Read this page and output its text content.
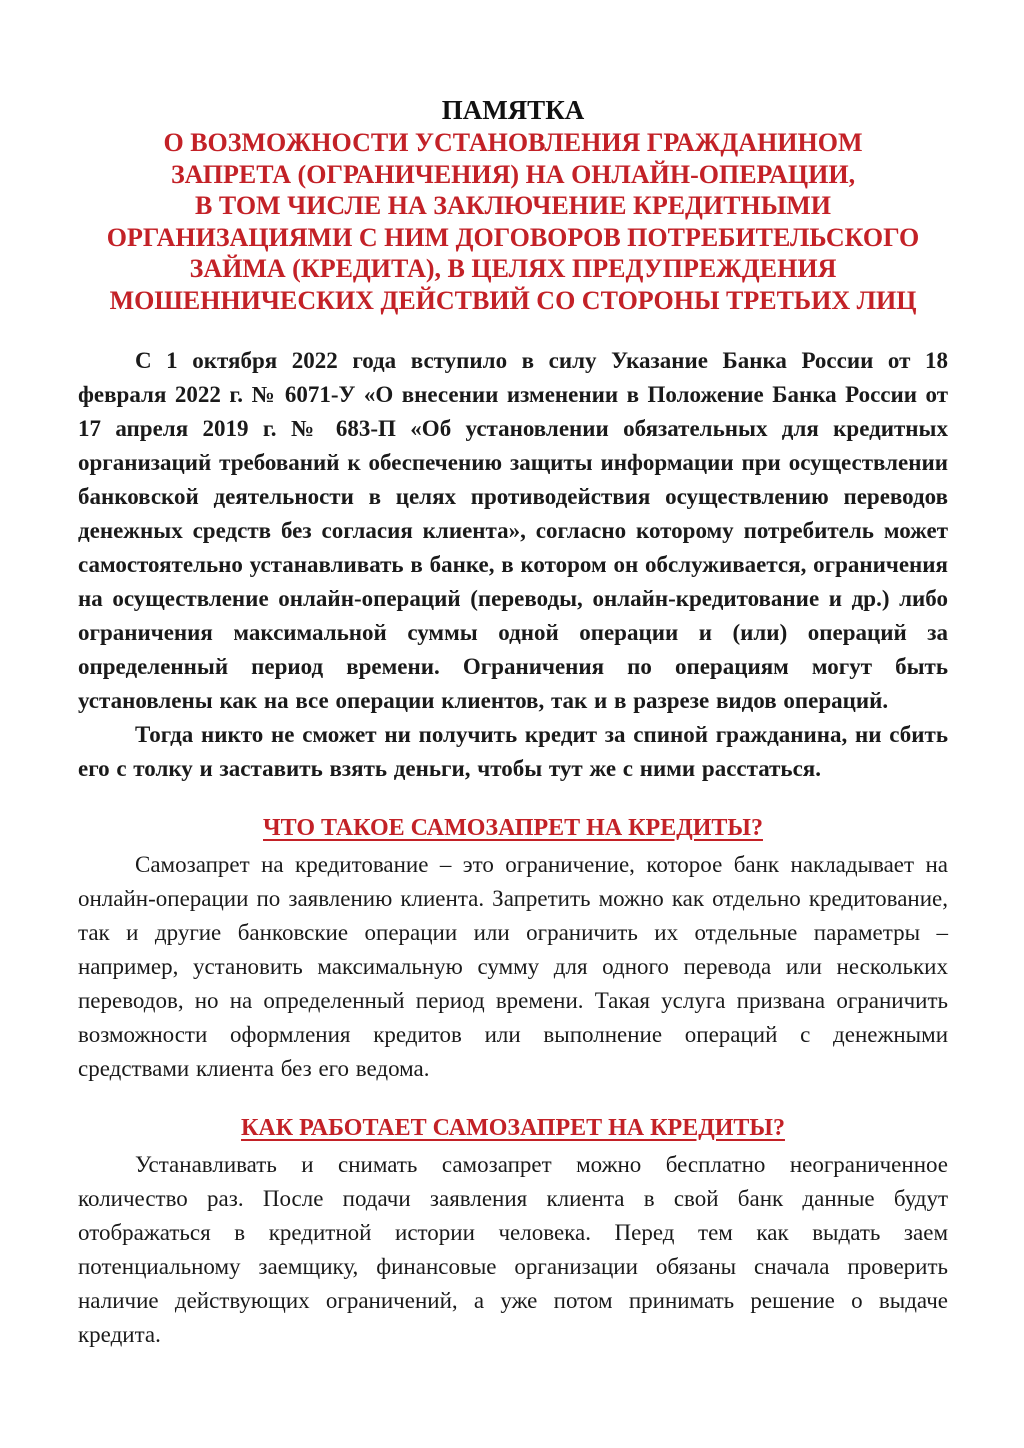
ПАМЯТКА
О ВОЗМОЖНОСТИ УСТАНОВЛЕНИЯ ГРАЖДАНИНОМ
ЗАПРЕТА (ОГРАНИЧЕНИЯ) НА ОНЛАЙН-ОПЕРАЦИИ,
В ТОМ ЧИСЛЕ НА ЗАКЛЮЧЕНИЕ КРЕДИТНЫМИ
ОРГАНИЗАЦИЯМИ С НИМ ДОГОВОРОВ ПОТРЕБИТЕЛЬСКОГО
ЗАЙМА (КРЕДИТА), В ЦЕЛЯХ ПРЕДУПРЕЖДЕНИЯ
МОШЕННИЧЕСКИХ ДЕЙСТВИЙ СО СТОРОНЫ ТРЕТЬИХ ЛИЦ

С 1 октября 2022 года вступило в силу Указание Банка России от 18 февраля 2022 г. № 6071-У «О внесении изменении в Положение Банка России от 17 апреля 2019 г. № 683-П «Об установлении обязательных для кредитных организаций требований к обеспечению защиты информации при осуществлении банковской деятельности в целях противодействия осуществлению переводов денежных средств без согласия клиента», согласно которому потребитель может самостоятельно устанавливать в банке, в котором он обслуживается, ограничения на осуществление онлайн-операций (переводы, онлайн-кредитование и др.) либо ограничения максимальной суммы одной операции и (или) операций за определенный период времени. Ограничения по операциям могут быть установлены как на все операции клиентов, так и в разрезе видов операций.

Тогда никто не сможет ни получить кредит за спиной гражданина, ни сбить его с толку и заставить взять деньги, чтобы тут же с ними расстаться.

ЧТО ТАКОЕ САМОЗАПРЕТ НА КРЕДИТЫ?

Самозапрет на кредитование – это ограничение, которое банк накладывает на онлайн-операции по заявлению клиента. Запретить можно как отдельно кредитование, так и другие банковские операции или ограничить их отдельные параметры – например, установить максимальную сумму для одного перевода или нескольких переводов, но на определенный период времени. Такая услуга призвана ограничить возможности оформления кредитов или выполнение операций с денежными средствами клиента без его ведома.

КАК РАБОТАЕТ САМОЗАПРЕТ НА КРЕДИТЫ?

Устанавливать и снимать самозапрет можно бесплатно неограниченное количество раз. После подачи заявления клиента в свой банк данные будут отображаться в кредитной истории человека. Перед тем как выдать заем потенциальному заемщику, финансовые организации обязаны сначала проверить наличие действующих ограничений, а уже потом принимать решение о выдаче кредита.
